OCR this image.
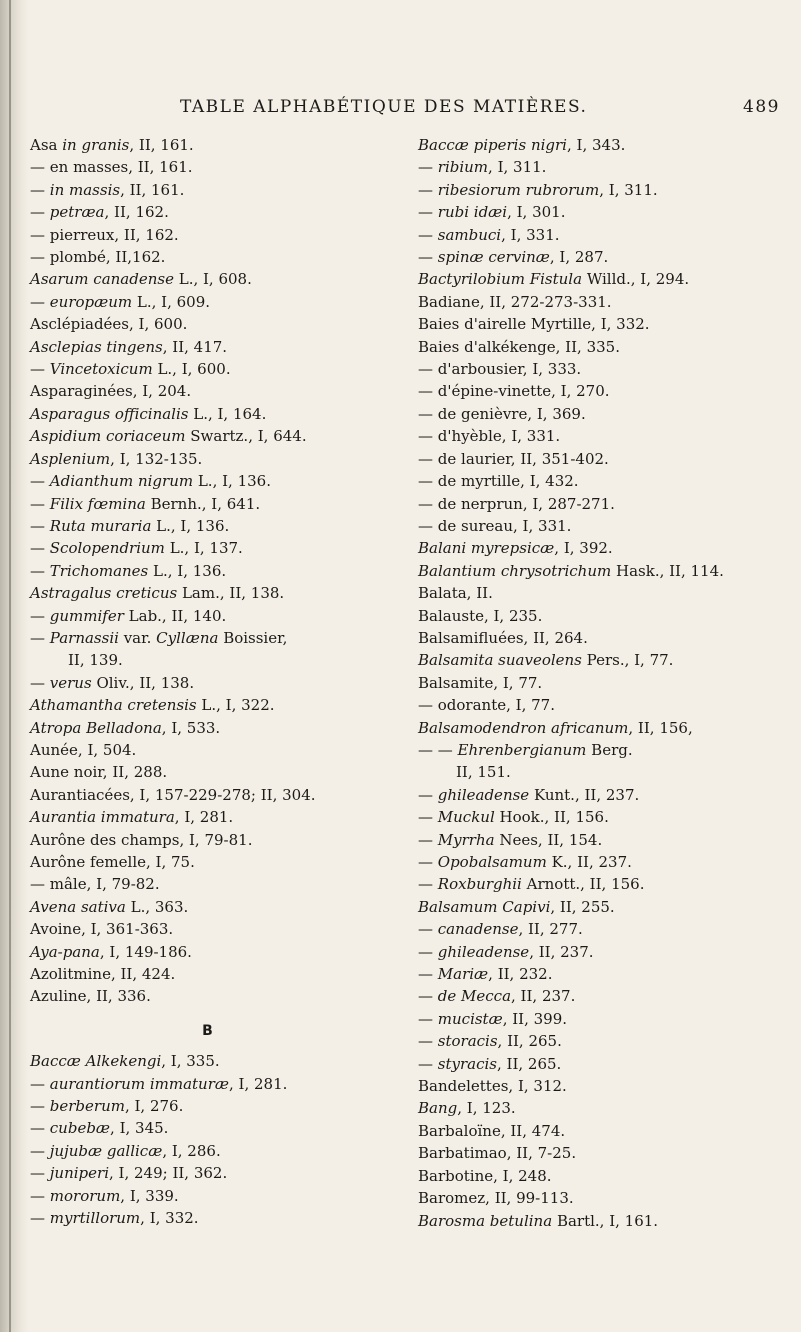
TABLE ALPHABÉTIQUE DES MATIÈRES.	489
Asa in granis, II, 161.
— en masses, II, 161.
— in massis, II, 161.
— petræa, II, 162.
— pierreux, II, 162.
— plombé, II,162.
Asarum canadense L., I, 608.
— europæum L., I, 609.
Asclépiadées, I, 600.
Asclepias tingens, II, 417.
— Vincetoxicum L., I, 600.
Asparaginées, I, 204.
Asparagus officinalis L., I, 164.
Aspidium coriaceum Swartz., I, 644.
Asplenium, I, 132-135.
— Adianthum nigrum L., I, 136.
— Filix fœmina Bernh., I, 641.
— Ruta muraria L., I, 136.
— Scolopendrium L., I, 137.
— Trichomanes L., I, 136.
Astragalus creticus Lam., II, 138.
— gummifer Lab., II, 140.
— Parnassii var. Cyllæna Boissier,
II, 139.
— verus Oliv., II, 138.
Athamantha cretensis L., I, 322.
Atropa Belladona, I, 533.
Aunée, I, 504.
Aune noir, II, 288.
Aurantiacées, I, 157-229-278; II, 304.
Aurantia immatura, I, 281.
Aurône des champs, I, 79-81.
Aurône femelle, I, 75.
— mâle, I, 79-82.
Avena sativa L., 363.
Avoine, I, 361-363.
Aya-pana, I, 149-186.
Azolitmine, II, 424.
Azuline, II, 336.
B
Baccæ Alkekengi, I, 335.
— aurantiorum immaturæ, I, 281.
— berberum, I, 276.
— cubebæ, I, 345.
— jujubæ gallicæ, I, 286.
— juniperi, I, 249; II, 362.
— mororum, I, 339.
— myrtillorum, I, 332.
Baccæ piperis nigri, I, 343.
— ribium, I, 311.
— ribesiorum rubrorum, I, 311.
— rubi idæi, I, 301.
— sambuci, I, 331.
— spinæ cervinæ, I, 287.
Bactyrilobium Fistula Willd., I, 294.
Badiane, II, 272-273-331.
Baies d'airelle Myrtille, I, 332.
Baies d'alkékenge, II, 335.
— d'arbousier, I, 333.
— d'épine-vinette, I, 270.
— de genièvre, I, 369.
— d'hyèble, I, 331.
— de laurier, II, 351-402.
— de myrtille, I, 432.
— de nerprun, I, 287-271.
— de sureau, I, 331.
Balani myrepsicæ, I, 392.
Balantium chrysotrichum Hask., II, 114.
Balata, II.
Balauste, I, 235.
Balsamifluées, II, 264.
Balsamita suaveolens Pers., I, 77.
Balsamite, I, 77.
— odorante, I, 77.
Balsamodendron africanum, II, 156,
— — Ehrenbergianum Berg.
II, 151.
— ghileadense Kunt., II, 237.
— Muckul Hook., II, 156.
— Myrrha Nees, II, 154.
— Opobalsamum K., II, 237.
— Roxburghii Arnott., II, 156.
Balsamum Capivi, II, 255.
— canadense, II, 277.
— ghileadense, II, 237.
— Mariæ, II, 232.
— de Mecca, II, 237.
— mucistæ, II, 399.
— storacis, II, 265.
— styracis, II, 265.
Bandelettes, I, 312.
Bang, I, 123.
Barbaloïne, II, 474.
Barbatimao, II, 7-25.
Barbotine, I, 248.
Baromez, II, 99-113.
Barosma betulina Bartl., I, 161.
